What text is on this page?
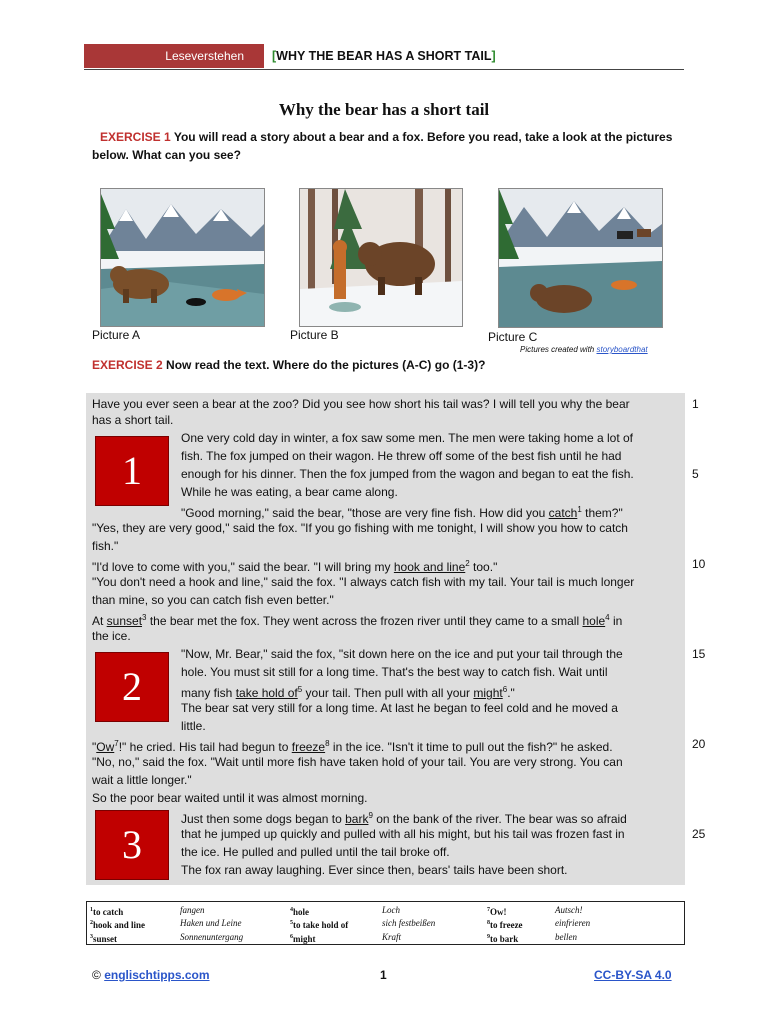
Leseverstehen	[WHY THE BEAR HAS A SHORT TAIL]
Why the bear has a short tail
EXERCISE 1 You will read a story about a bear and a fox. Before you read, take a look at the pictures
below. What can you see?
Picture A	Picture B	Picture C
Pictures created with storyboardthat
EXERCISE 2 Now read the text. Where do the pictures (A-C) go (1-3)?
1
2
3
Have you ever seen a bear at the zoo? Did you see how short his tail was? I will tell you why the bear
has a short tail.
One very cold day in winter, a fox saw some men. The men were taking home a lot of
fish. The fox jumped on their wagon. He threw off some of the best fish until he had
enough for his dinner. Then the fox jumped from the wagon and began to eat the fish.
While he was eating, a bear came along.
"Good morning," said the bear, "those are very fine fish. How did you catch$^1$ them?"
"Yes, they are very good," said the fox. "If you go fishing with me tonight, I will show you how to catch
fish."
"I'd love to come with you," said the bear. "I will bring my hook and line$^2$ too."
"You don't need a hook and line," said the fox. "I always catch fish with my tail. Your tail is much longer
than mine, so you can catch fish even better."
At sunset$^3$ the bear met the fox. They went across the frozen river until they came to a small hole$^4$ in
the ice.
"Now, Mr. Bear," said the fox, "sit down here on the ice and put your tail through the
hole. You must sit still for a long time. That's the best way to catch fish. Wait until
many fish take hold $of^5$ your tail. Then pull with all your might$^6$."
The bear sat very still for a long time. At last he began to feel cold and he moved a
little.
"Ow$^7$!" he cried. His tail had begun to freeze$^8$ in the ice. "Isn't it time to pull out the fish?" he asked.
"No, no," said the fox. "Wait until more fish have taken hold of your tail. You are very strong. You can
wait a little longer."
So the poor bear waited until it was almost morning.
Just then some dogs began to bark$^9$ on the bank of the river. The bear was so afraid
that he jumped up quickly and pulled with all his might, but his tail was frozen fast in
the ice. He pulled and pulled until the tail broke off.
The fox ran away laughing. Ever since then, bears' tails have been short.
1
5
10
15
20
25
$^1$to catch	fangen
$^2$hook and line	Haken und Leine
$^3$sunset	Sonnenuntergang
$^4$hole	Loch
$^5$to take hold of	sich festbeißen
$^6$might	Kraft
$^7$Ow!	Autsch!
$^8$to freeze	einfrieren
$^9$to bark	bellen
© englischtipps.com	1	CC-BY-SA 4.0
